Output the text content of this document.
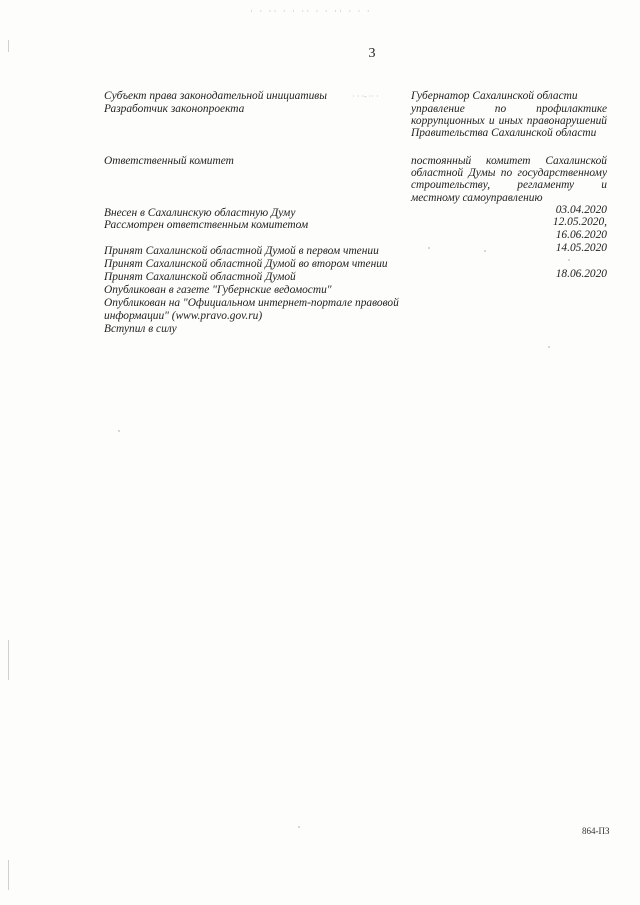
· ·
3
· · ·
Субъект права законодательной инициативы	Губернатор Сахалинской области
Разработчик законопроекта	управление по профилактике коррупционных и иных правонарушений Правительства Сахалинской области
Ответственный комитет	постоянный комитет Сахалинской областной Думы по государственному строительству, регламенту и местному самоуправлению
Внесен в Сахалинскую областную Думу	03.04.2020
Рассмотрен ответственным комитетом	12.05.2020,
16.06.2020
Принят Сахалинской областной Думой в первом чтении	14.05.2020
Принят Сахалинской областной Думой во втором чтении
Принят Сахалинской областной Думой	18.06.2020
Опубликован в газете "Губернские ведомости"
Опубликован на "Официальном интернет-портале правовой
информации" (www.pravo.gov.ru)
Вступил в силу
864-ПЗ
